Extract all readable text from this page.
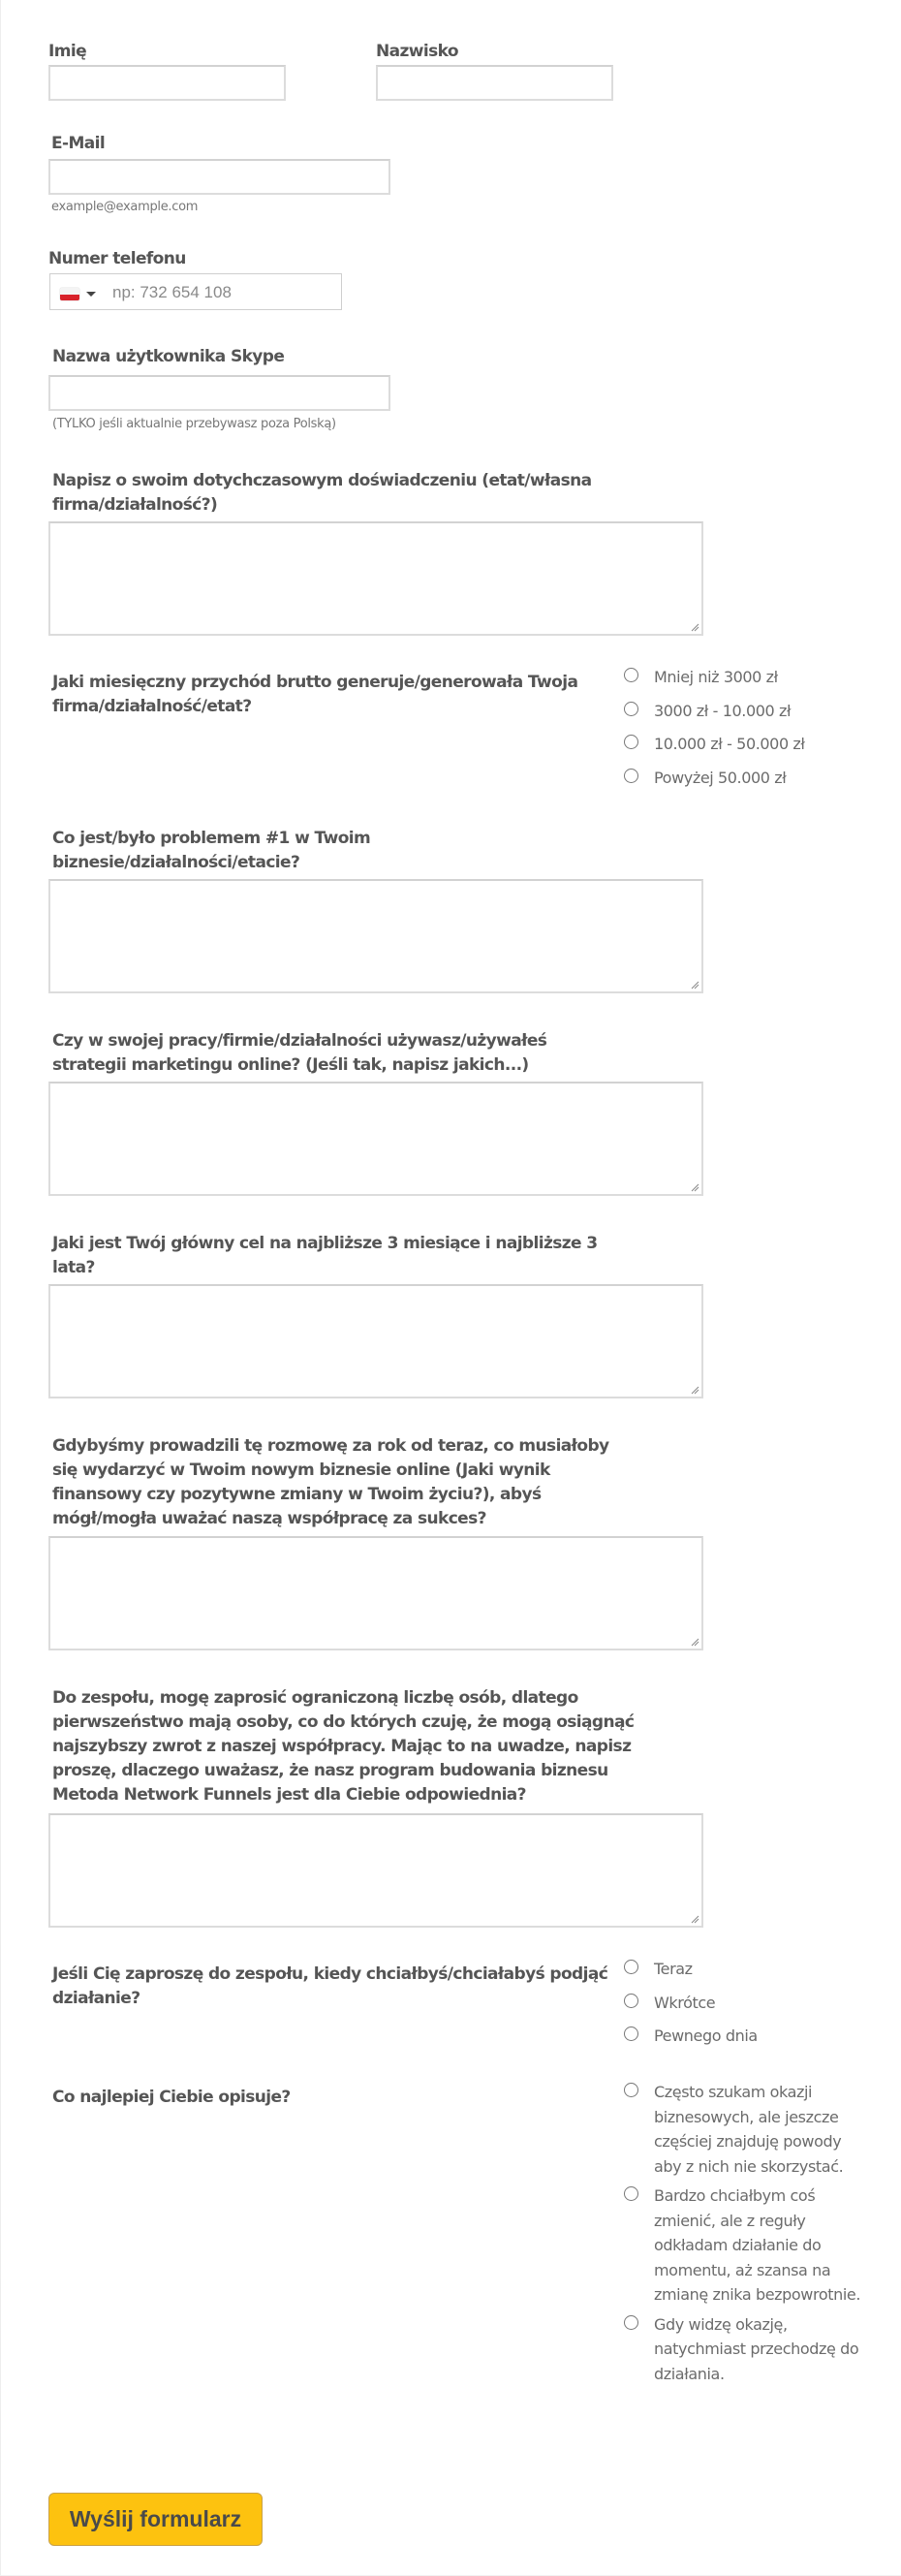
Imię	Nazwisko
E-Mail
example@example.com
Numer telefonu
np: 732 654 108
Nazwa użytkownika Skype
(TYLKO jeśli aktualnie przebywasz poza Polską)
Napisz o swoim dotychczasowym doświadczeniu (etat/własna
firma/działalność?)
Jaki miesięczny przychód brutto generuje/generowała Twoja
firma/działalność/etat?
Mniej niż 3000 zł
3000 zł - 10.000 zł
10.000 zł - 50.000 zł
Powyżej 50.000 zł
Co jest/było problemem #1 w Twoim
biznesie/działalności/etacie?
Czy w swojej pracy/firmie/działalności używasz/używałeś
strategii marketingu online? (Jeśli tak, napisz jakich...)
Jaki jest Twój główny cel na najbliższe 3 miesiące i najbliższe 3
lata?
Gdybyśmy prowadzili tę rozmowę za rok od teraz, co musiałoby
się wydarzyć w Twoim nowym biznesie online (Jaki wynik
finansowy czy pozytywne zmiany w Twoim życiu?), abyś
mógł/mogła uważać naszą współpracę za sukces?
Do zespołu, mogę zaprosić ograniczoną liczbę osób, dlatego
pierwszeństwo mają osoby, co do których czuję, że mogą osiągnąć
najszybszy zwrot z naszej współpracy. Mając to na uwadze, napisz
proszę, dlaczego uważasz, że nasz program budowania biznesu
Metoda Network Funnels jest dla Ciebie odpowiednia?
Jeśli Cię zaproszę do zespołu, kiedy chciałbyś/chciałabyś podjąć
działanie?
Teraz
Wkrótce
Pewnego dnia
Co najlepiej Ciebie opisuje?	Często szukam okazji biznesowych, ale jeszcze częściej znajduję powody aby z nich nie skorzystać.
Bardzo chciałbym coś zmienić, ale z reguły odkładam działanie do momentu, aż szansa na zmianę znika bezpowrotnie.
Gdy widzę okazję, natychmiast przechodzę do działania.
Wyślij formularz
